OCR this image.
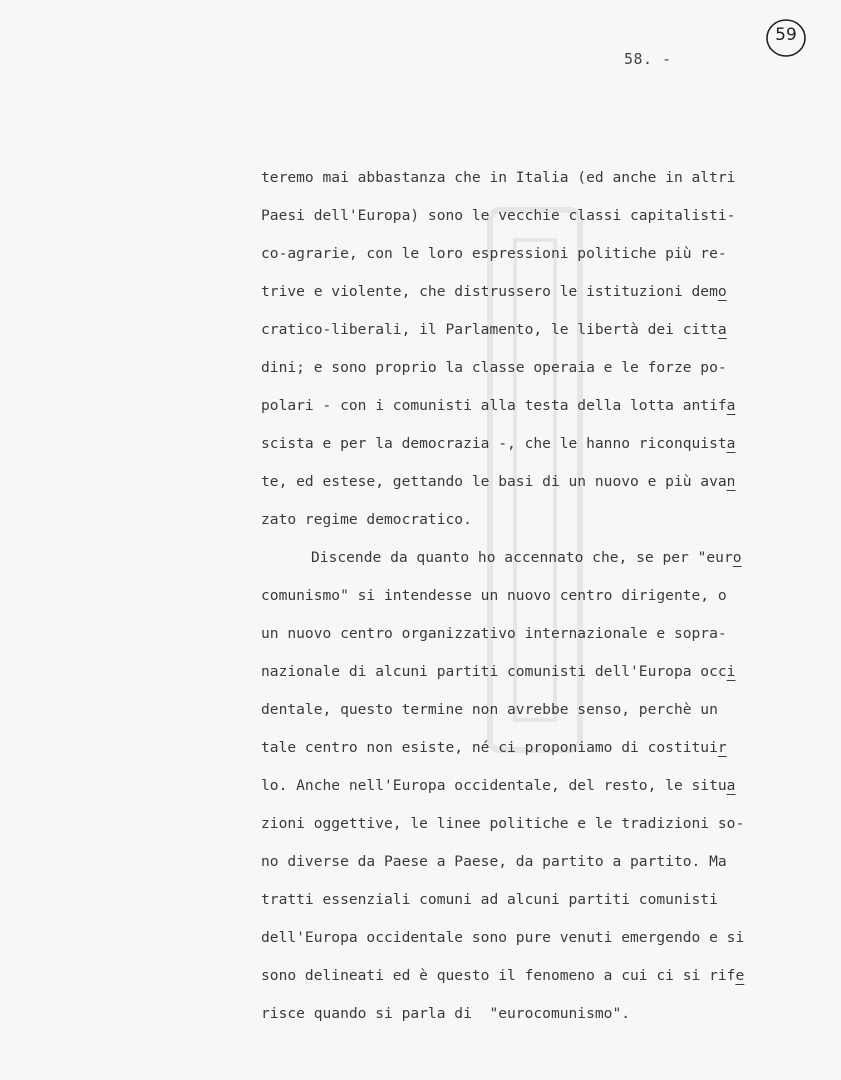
58. -
59
teremo mai abbastanza che in Italia (ed anche in altri
Paesi dell'Europa) sono le vecchie classi capitalisti-
co-agrarie, con le loro espressioni politiche più re-
trive e violente, che distrussero le istituzioni demo
cratico-liberali, il Parlamento, le libertà dei citta
dini; e sono proprio la classe operaia e le forze po-
polari - con i comunisti alla testa della lotta antifa
scista e per la democrazia -, che le hanno riconquista
te, ed estese, gettando le basi di un nuovo e più avan
zato regime democratico.
Discende da quanto ho accennato che, se per "euro
comunismo" si intendesse un nuovo centro dirigente, o
un nuovo centro organizzativo internazionale e sopra-
nazionale di alcuni partiti comunisti dell'Europa occi
dentale, questo termine non avrebbe senso, perchè un
tale centro non esiste, né ci proponiamo di costituir
lo. Anche nell'Europa occidentale, del resto, le situa
zioni oggettive, le linee politiche e le tradizioni so-
no diverse da Paese a Paese, da partito a partito. Ma
tratti essenziali comuni ad alcuni partiti comunisti
dell'Europa occidentale sono pure venuti emergendo e si
sono delineati ed è questo il fenomeno a cui ci si rife
risce quando si parla di  "eurocomunismo".
